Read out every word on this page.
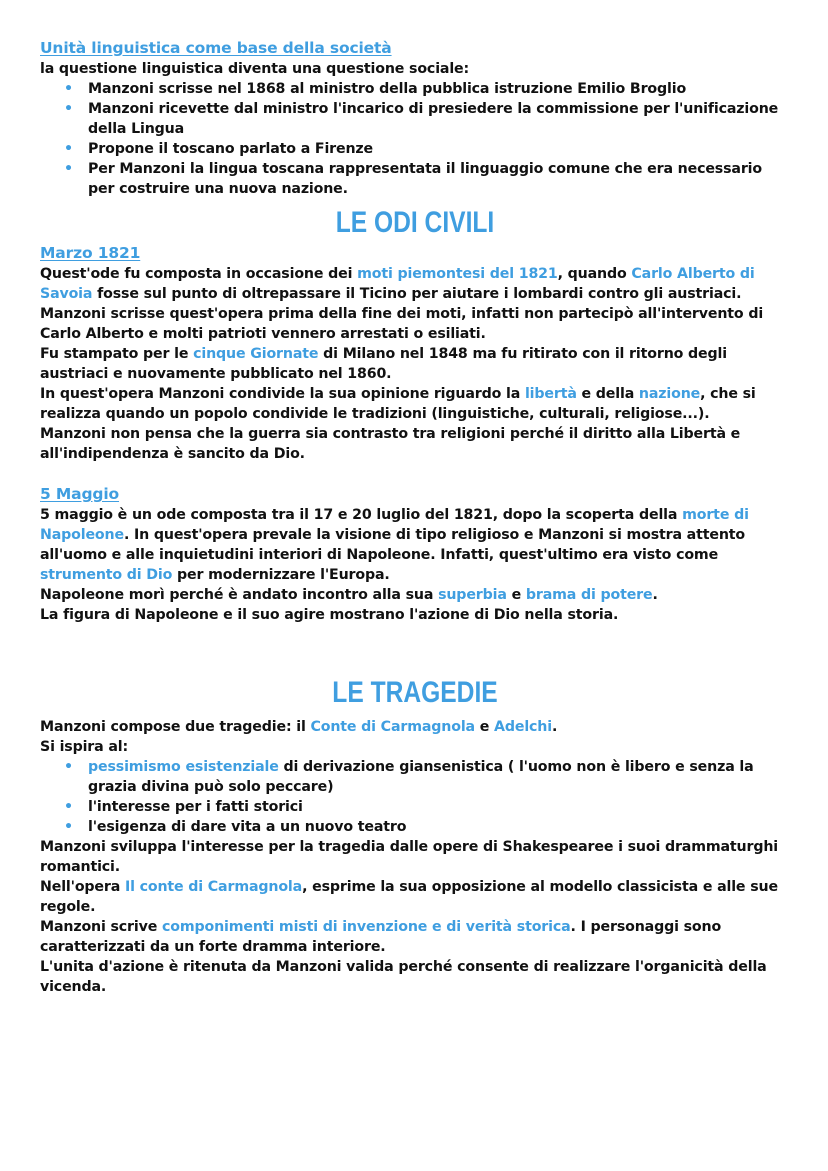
Unità linguistica come base della società

la questione linguistica diventa una questione sociale:

• Manzoni scrisse nel 1868 al ministro della pubblica istruzione Emilio Broglio
• Manzoni ricevette dal ministro l'incarico di presiedere la commissione per l'unificazione della Lingua
• Propone il toscano parlato a Firenze
• Per Manzoni la lingua toscana rappresentata il linguaggio comune che era necessario per costruire una nuova nazione.
LE ODI CIVILI
Marzo 1821

Quest'ode fu composta in occasione dei moti piemontesi del 1821, quando Carlo Alberto di Savoia fosse sul punto di oltrepassare il Ticino per aiutare i lombardi contro gli austriaci.

Manzoni scrisse quest'opera prima della fine dei moti, infatti non partecipò all'intervento di Carlo Alberto e molti patrioti vennero arrestati o esiliati.

Fu stampato per le cinque Giornate di Milano nel 1848 ma fu ritirato con il ritorno degli austriaci e nuovamente pubblicato nel 1860.

In quest'opera Manzoni condivide la sua opinione riguardo la libertà e della nazione, che si realizza quando un popolo condivide le tradizioni (linguistiche, culturali, religiose...).

Manzoni non pensa che la guerra sia contrasto tra religioni perché il diritto alla Libertà e all'indipendenza è sancito da Dio.

5 Maggio

5 maggio è un ode composta tra il 17 e 20 luglio del 1821, dopo la scoperta della morte di Napoleone. In quest'opera prevale la visione di tipo religioso e Manzoni si mostra attento all'uomo e alle inquietudini interiori di Napoleone. Infatti, quest'ultimo era visto come strumento di Dio per modernizzare l'Europa.

Napoleone morì perché è andato incontro alla sua superbia e brama di potere.

La figura di Napoleone e il suo agire mostrano l'azione di Dio nella storia.

LE TRAGEDIE

Manzoni compose due tragedie: il Conte di Carmagnola e Adelchi.

Si ispira al:

• pessimismo esistenziale di derivazione giansenistica ( l'uomo non è libero e senza la grazia divina può solo peccare)
• l'interesse per i fatti storici
• l'esigenza di dare vita a un nuovo teatro

Manzoni sviluppa l'interesse per la tragedia dalle opere di Shakespearee i suoi drammaturghi romantici.

Nell'opera Il conte di Carmagnola, esprime la sua opposizione al modello classicista e alle sue regole.

Manzoni scrive componimenti misti di invenzione e di verità storica. I personaggi sono caratterizzati da un forte dramma interiore.

L'unita d'azione è ritenuta da Manzoni valida perché consente di realizzare l'organicità della vicenda.
